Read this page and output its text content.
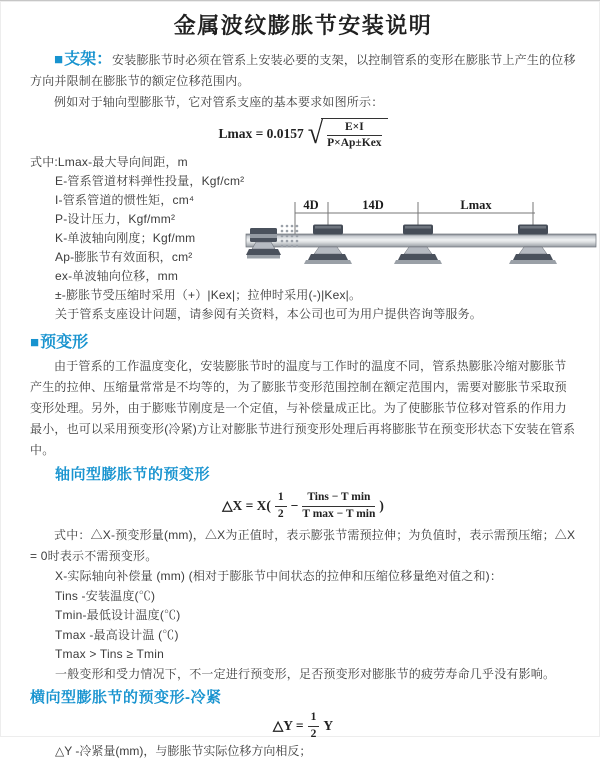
金属波纹膨胀节安装说明

■支架：安装膨胀节时必须在管系上安装必要的支架，以控制管系的变形在膨胀节上产生的位移方向并限制在膨胀节的额定位移范围内。

例如对于轴向型膨胀节，它对管系支座的基本要求如图所示：

Lmax = 0.0157 √ $\frac{E\times I}{\text{P×Ap±Kex}}$
式中:Lmax-最大导向间距，m
E-管系管道材料弹性投量，Kgf/cm²
I-管系管道的惯性矩，cm⁴
P-设计压力，Kgf/mm²
K-单波轴向刚度；Kgf/mm
Ap-膨胀节有效面积，cm²
ex-单波轴向位移，mm
±-膨胀节受压缩时采用（+）|Kex|；拉伸时采用(-)|Kex|。
关于管系支座设计问题，请参阅有关资料，本公司也可为用户提供咨询等服务。
4D	14D	Lmax
■预变形

由于管系的工作温度变化，安装膨胀节时的温度与工作时的温度不同，管系热膨胀冷缩对膨胀节产生的拉伸、压缩量常常是不均等的，为了膨胀节变形范围控制在额定范围内，需要对膨胀节采取预变形处理。另外，由于膨账节刚度是一个定值，与补偿量成正比。为了使膨胀节位移对管系的作用力最小，也可以采用预变形(冷紧)方让对膨胀节进行预变形处理后再将膨胀节在预变形状态下安装在管系中。

轴向型膨胀节的预变形
△X = $X( \frac{1}{2} - \frac{\text{Tins − T min}}{\text{T max − T min}}$ )

式中：△X-预变形量(mm)，△X为正值时，表示膨张节需预拉伸；为负值时，表示需预压缩；△X = 0时表示不需预变形。

X-实际轴向补偿量 (mm) (相对于膨胀节中间状态的拉伸和压缩位移量绝对值之和)：
Tins -安装温度(℃)
Tmin-最低设计温度(℃)
Tmax -最高设计温 (℃)
Tmax > Tins ≥ Tmin
一般变形和受力情况下，不一定进行预变形，足否预变形对膨胀节的疲劳寿命几乎没有影响。
横向型膨胀节的预变形-冷紧
△Y = $\frac{1}{2}$ Y
△Y -冷紧量(mm)，与膨胀节实际位移方向相反；
